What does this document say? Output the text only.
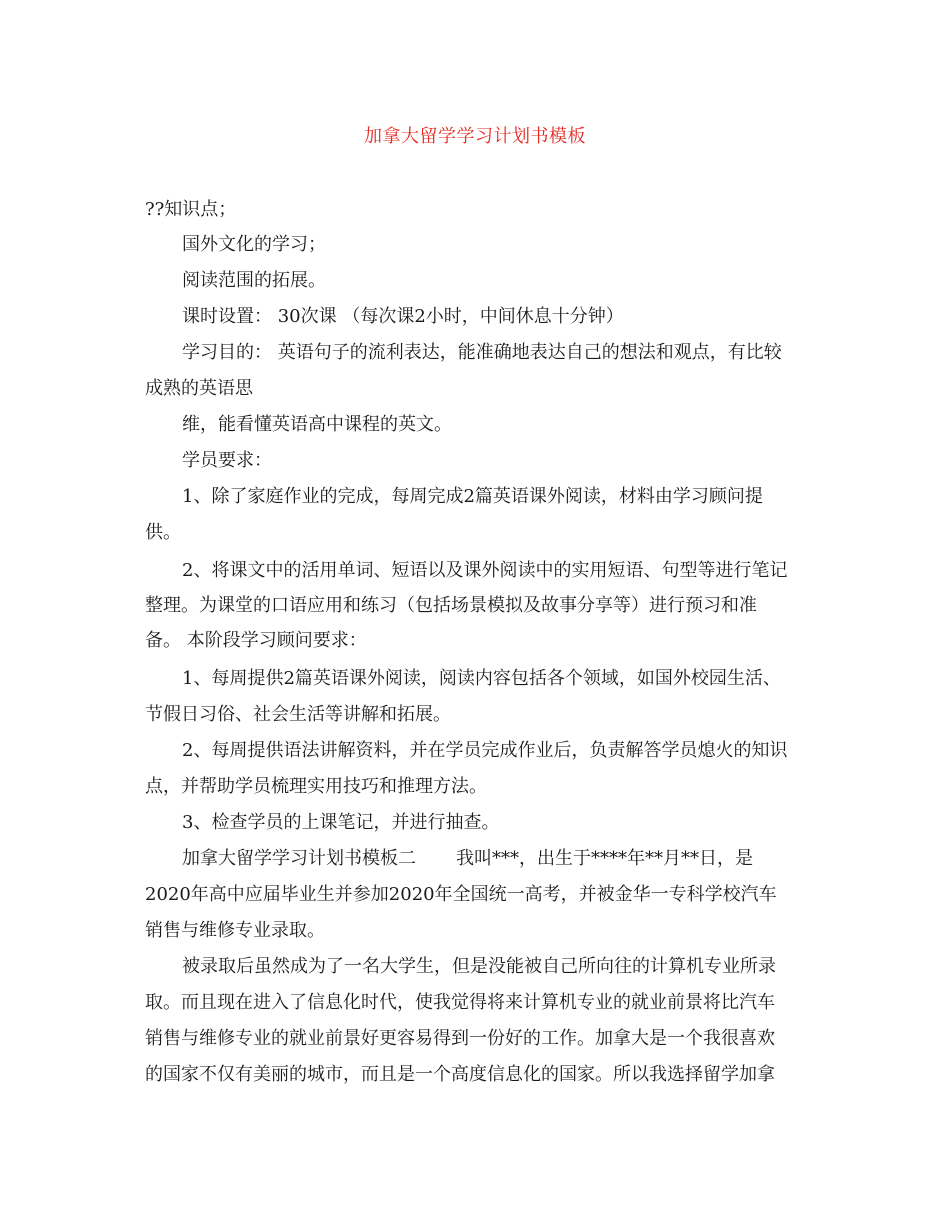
加拿大留学学习计划书模板
??知识点；
国外文化的学习；
阅读范围的拓展。
课时设置： 30次课 （每次课2小时，中间休息十分钟）
学习目的： 英语句子的流利表达，能准确地表达自己的想法和观点，有比较
成熟的英语思
维，能看懂英语高中课程的英文。
学员要求：
1、除了家庭作业的完成，每周完成2篇英语课外阅读，材料由学习顾问提
供。
2、将课文中的活用单词、短语以及课外阅读中的实用短语、句型等进行笔记
整理。为课堂的口语应用和练习（包括场景模拟及故事分享等）进行预习和准
备。 本阶段学习顾问要求：
1、每周提供2篇英语课外阅读，阅读内容包括各个领域，如国外校园生活、
节假日习俗、社会生活等讲解和拓展。
2、每周提供语法讲解资料，并在学员完成作业后，负责解答学员熄火的知识
点，并帮助学员梳理实用技巧和推理方法。
3、检查学员的上课笔记，并进行抽查。
加拿大留学学习计划书模板二 我叫***，出生于****年**月**日，是
2020年高中应届毕业生并参加2020年全国统一高考，并被金华一专科学校汽车
销售与维修专业录取。
被录取后虽然成为了一名大学生，但是没能被自己所向往的计算机专业所录
取。而且现在进入了信息化时代，使我觉得将来计算机专业的就业前景将比汽车
销售与维修专业的就业前景好更容易得到一份好的工作。加拿大是一个我很喜欢
的国家不仅有美丽的城市，而且是一个高度信息化的国家。所以我选择留学加拿
